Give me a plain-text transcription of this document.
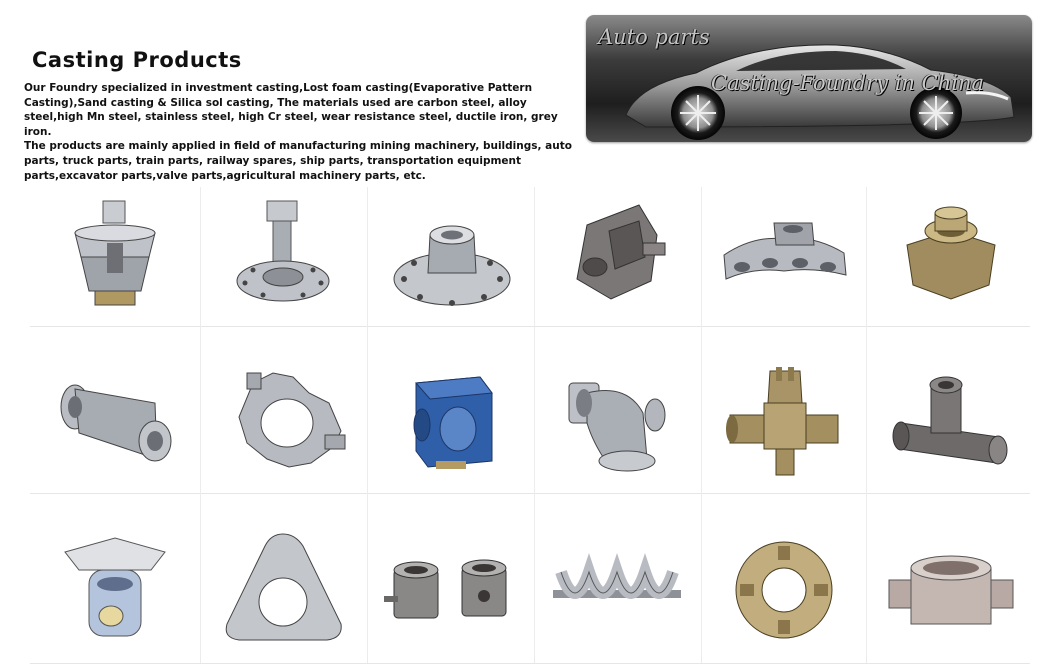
Casting Products

Our Foundry specialized in investment casting,Lost foam casting(Evaporative Pattern Casting),Sand casting & Silica sol casting, The materials used are carbon steel, alloy steel,high Mn steel, stainless steel, high Cr steel, wear resistance steel, ductile iron, grey iron.

The products are mainly applied in field of manufacturing mining machinery, buildings, auto parts, truck parts, train parts, railway spares, ship parts, transportation equipment parts,excavator parts,valve parts,agricultural machinery parts, etc.

Auto parts
Casting-Foundry in China
